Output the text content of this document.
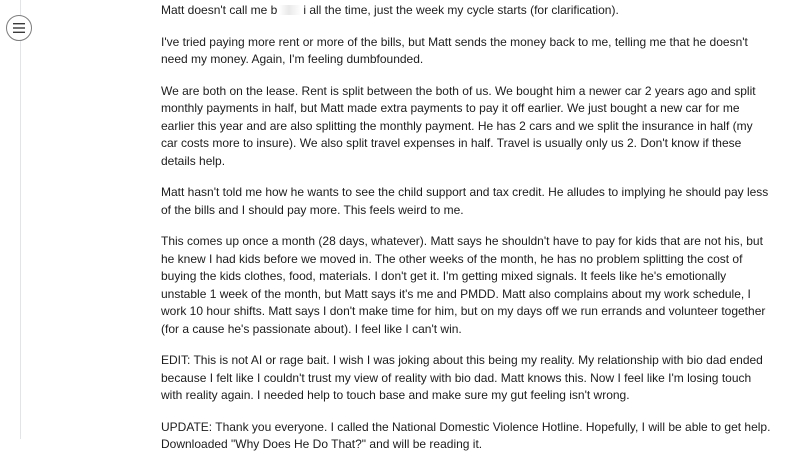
Matt doesn't call me b i all the time, just the week my cycle starts (for clarification).

I've tried paying more rent or more of the bills, but Matt sends the money back to me, telling me that he doesn't need my money. Again, I'm feeling dumbfounded.

We are both on the lease. Rent is split between the both of us. We bought him a newer car 2 years ago and split monthly payments in half, but Matt made extra payments to pay it off earlier. We just bought a new car for me earlier this year and are also splitting the monthly payment. He has 2 cars and we split the insurance in half (my car costs more to insure). We also split travel expenses in half. Travel is usually only us 2. Don't know if these details help.

Matt hasn't told me how he wants to see the child support and tax credit. He alludes to implying he should pay less of the bills and I should pay more. This feels weird to me.

This comes up once a month (28 days, whatever). Matt says he shouldn't have to pay for kids that are not his, but he knew I had kids before we moved in. The other weeks of the month, he has no problem splitting the cost of buying the kids clothes, food, materials. I don't get it. I'm getting mixed signals. It feels like he's emotionally unstable 1 week of the month, but Matt says it's me and PMDD. Matt also complains about my work schedule, I work 10 hour shifts. Matt says I don't make time for him, but on my days off we run errands and volunteer together (for a cause he's passionate about). I feel like I can't win.

EDIT: This is not AI or rage bait. I wish I was joking about this being my reality. My relationship with bio dad ended because I felt like I couldn't trust my view of reality with bio dad. Matt knows this. Now I feel like I'm losing touch with reality again. I needed help to touch base and make sure my gut feeling isn't wrong.

UPDATE: Thank you everyone. I called the National Domestic Violence Hotline. Hopefully, I will be able to get help. Downloaded "Why Does He Do That?" and will be reading it.
